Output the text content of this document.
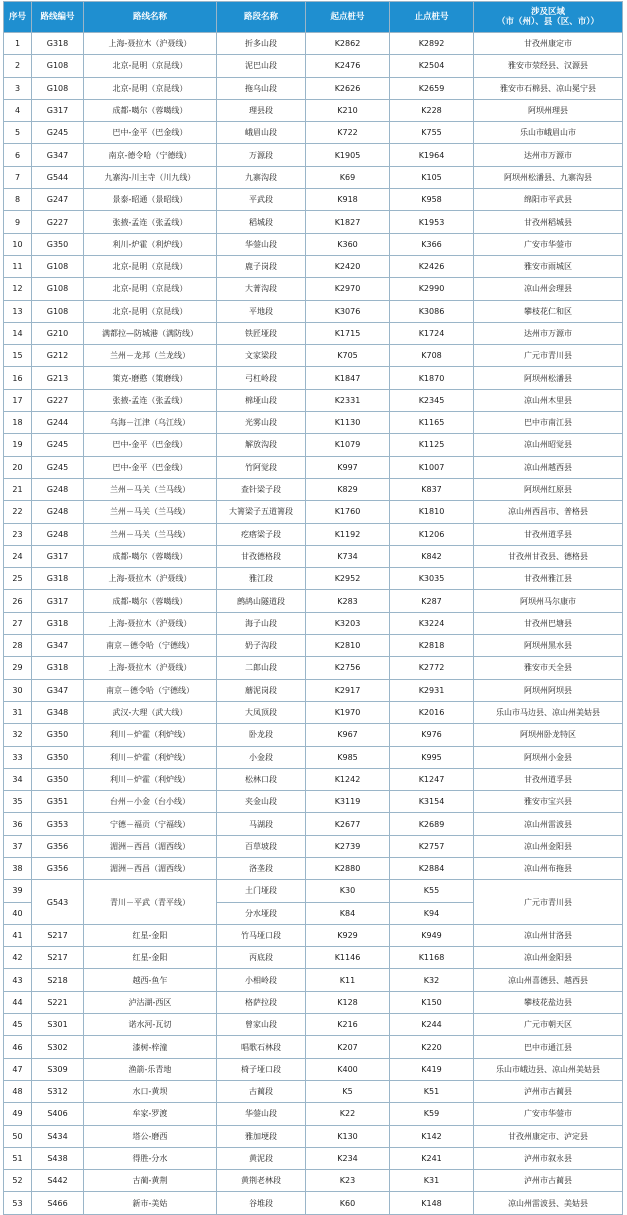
序号	路线编号	路线名称	路段名称	起点桩号	止点桩号	涉及区域
（市（州）、县（区、市））

1	G318	上海-聂拉木（沪聂线）	折多山段	K2862	K2892	甘孜州康定市
2	G108	北京-昆明（京昆线）	泥巴山段	K2476	K2504	雅安市荥经县、汉源县
3	G108	北京-昆明（京昆线）	拖乌山段	K2626	K2659	雅安市石棉县、凉山冕宁县
4	G317	成都-噶尔（蓉噶线）	理县段	K210	K228	阿坝州理县
5	G245	巴中-金平（巴金线）	峨眉山段	K722	K755	乐山市峨眉山市
6	G347	南京-德令哈（宁德线）	万源段	K1905	K1964	达州市万源市
7	G544	九寨沟-川主寺（川九线）	九寨沟段	K69	K105	阿坝州松潘县、九寨沟县
8	G247	景泰-昭通（景昭线）	平武段	K918	K958	绵阳市平武县
9	G227	张掖-孟连（张孟线）	稻城段	K1827	K1953	甘孜州稻城县
10	G350	利川-炉霍（利炉线）	华蓥山段	K360	K366	广安市华蓥市
11	G108	北京-昆明（京昆线）	鹿子岗段	K2420	K2426	雅安市雨城区
12	G108	北京-昆明（京昆线）	大菁沟段	K2970	K2990	凉山州会理县
13	G108	北京-昆明（京昆线）	平地段	K3076	K3086	攀枝花仁和区
14	G210	满都拉—防城港（满防线）	铁匠垭段	K1715	K1724	达州市万源市
15	G212	兰州－龙邦（兰龙线）	文家梁段	K705	K708	广元市青川县
16	G213	策克-磨憨（策磨线）	弓杠岭段	K1847	K1870	阿坝州松潘县
17	G227	张掖-孟连（张孟线）	棉垭山段	K2331	K2345	凉山州木里县
18	G244	乌海－江津（乌江线）	光雾山段	K1130	K1165	巴中市南江县
19	G245	巴中-金平（巴金线）	解放沟段	K1079	K1125	凉山州昭觉县
20	G245	巴中-金平（巴金线）	竹阿觉段	K997	K1007	凉山州越西县
21	G248	兰州－马关（兰马线）	查针梁子段	K829	K837	阿坝州红原县
22	G248	兰州－马关（兰马线）	大箐梁子五道箐段	K1760	K1810	凉山州西昌市、普格县
23	G248	兰州－马关（兰马线）	疙瘩梁子段	K1192	K1206	甘孜州道孚县
24	G317	成都-噶尔（蓉噶线）	甘孜德格段	K734	K842	甘孜州甘孜县、德格县
25	G318	上海-聂拉木（沪聂线）	雅江段	K2952	K3035	甘孜州雅江县
26	G317	成都-噶尔（蓉噶线）	鹧鸪山隧道段	K283	K287	阿坝州马尔康市
27	G318	上海-聂拉木（沪聂线）	海子山段	K3203	K3224	甘孜州巴塘县
28	G347	南京－德令哈（宁德线）	奶子沟段	K2810	K2818	阿坝州黑水县
29	G318	上海-聂拉木（沪聂线）	二郎山段	K2756	K2772	雅安市天全县
30	G347	南京－德令哈（宁德线）	蘑泥岗段	K2917	K2931	阿坝州阿坝县
31	G348	武汉-大理（武大线）	大凤顶段	K1970	K2016	乐山市马边县、凉山州美姑县
32	G350	利川－炉霍（利炉线）	卧龙段	K967	K976	阿坝州卧龙特区
33	G350	利川－炉霍（利炉线）	小金段	K985	K995	阿坝州小金县
34	G350	利川－炉霍（利炉线）	松林口段	K1242	K1247	甘孜州道孚县
35	G351	台州－小金（台小线）	夹金山段	K3119	K3154	雅安市宝兴县
36	G353	宁德－福贡（宁福线）	马湖段	K2677	K2689	凉山州雷波县
37	G356	湄洲－西昌（湄西线）	百草坡段	K2739	K2757	凉山州金阳县
38	G356	湄洲－西昌（湄西线）	洛垄段	K2880	K2884	凉山州布拖县
39	G543	青川－平武（青平线）	土门垭段	K30	K55	广元市青川县
40			分水垭段	K84	K94	
41	S217	红星-金阳	竹马垭口段	K929	K949	凉山州甘洛县
42	S217	红星-金阳	丙底段	K1146	K1168	凉山州金阳县
43	S218	越西-鱼乍	小相岭段	K11	K32	凉山州喜德县、越西县
44	S221	泸沽湖-西区	格萨拉段	K128	K150	攀枝花盐边县
45	S301	诺水河-瓦切	曾家山段	K216	K244	广元市朝天区
46	S302	漆树-梓潼	唱歌石林段	K207	K220	巴中市通江县
47	S309	渔箭-乐青地	椅子垭口段	K400	K419	乐山市峨边县、凉山州美姑县
48	S312	水口-黄坝	古蔺段	K5	K51	泸州市古蔺县
49	S406	牟家-罗渡	华蓥山段	K22	K59	广安市华蓥市
50	S434	塔公-磨西	雅加埂段	K130	K142	甘孜州康定市、泸定县
51	S438	得胜-分水	黄泥段	K234	K241	泸州市叙永县
52	S442	古蔺-黄荆	黄荆老林段	K23	K31	泸州市古蔺县
53	S466	新市-美姑	谷堆段	K60	K148	凉山州雷波县、美姑县
